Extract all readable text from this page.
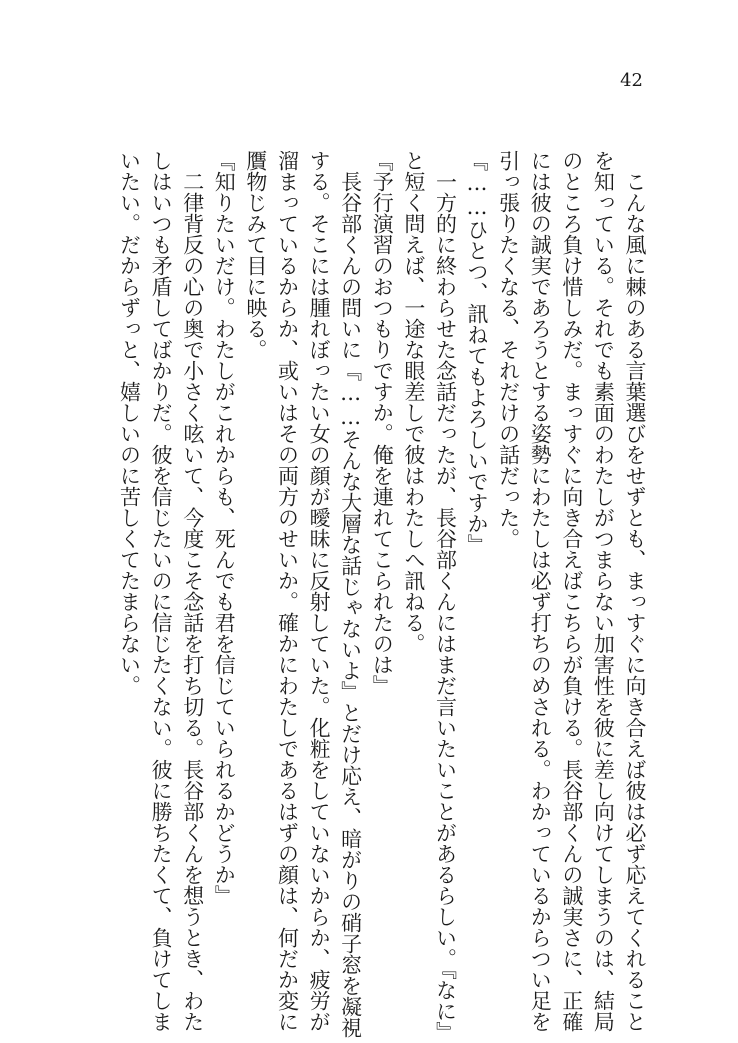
42
　こんな風に棘のある言葉選びをせずとも、まっすぐに向き合えば彼は必ず応えてくれること
を知っている。それでも素面のわたしがつまらない加害性を彼に差し向けてしまうのは、結局
のところ負け惜しみだ。まっすぐに向き合えばこちらが負ける。長谷部くんの誠実さに、正確
には彼の誠実であろうとする姿勢にわたしは必ず打ちのめされる。わかっているからつい足を
引っ張りたくなる、それだけの話だった。
『……ひとつ、訊ねてもよろしいですか』
　一方的に終わらせた念話だったが、長谷部くんにはまだ言いたいことがあるらしい。『なに』
と短く問えば、一途な眼差しで彼はわたしへ訊ねる。
『予行演習のおつもりですか。俺を連れてこられたのは』
　長谷部くんの問いに『……そんな大層な話じゃないよ』とだけ応え、暗がりの硝子窓を凝視
する。そこには腫れぼったい女の顔が曖昧に反射していた。化粧をしていないからか、疲労が
溜まっているからか、或いはその両方のせいか。確かにわたしであるはずの顔は、何だか変に
贋物じみて目に映る。
『知りたいだけ。わたしがこれからも、死んでも君を信じていられるかどうか』
　二律背反の心の奥で小さく呟いて、今度こそ念話を打ち切る。長谷部くんを想うとき、わた
しはいつも矛盾してばかりだ。彼を信じたいのに信じたくない。彼に勝ちたくて、負けてしま
いたい。だからずっと、嬉しいのに苦しくてたまらない。
